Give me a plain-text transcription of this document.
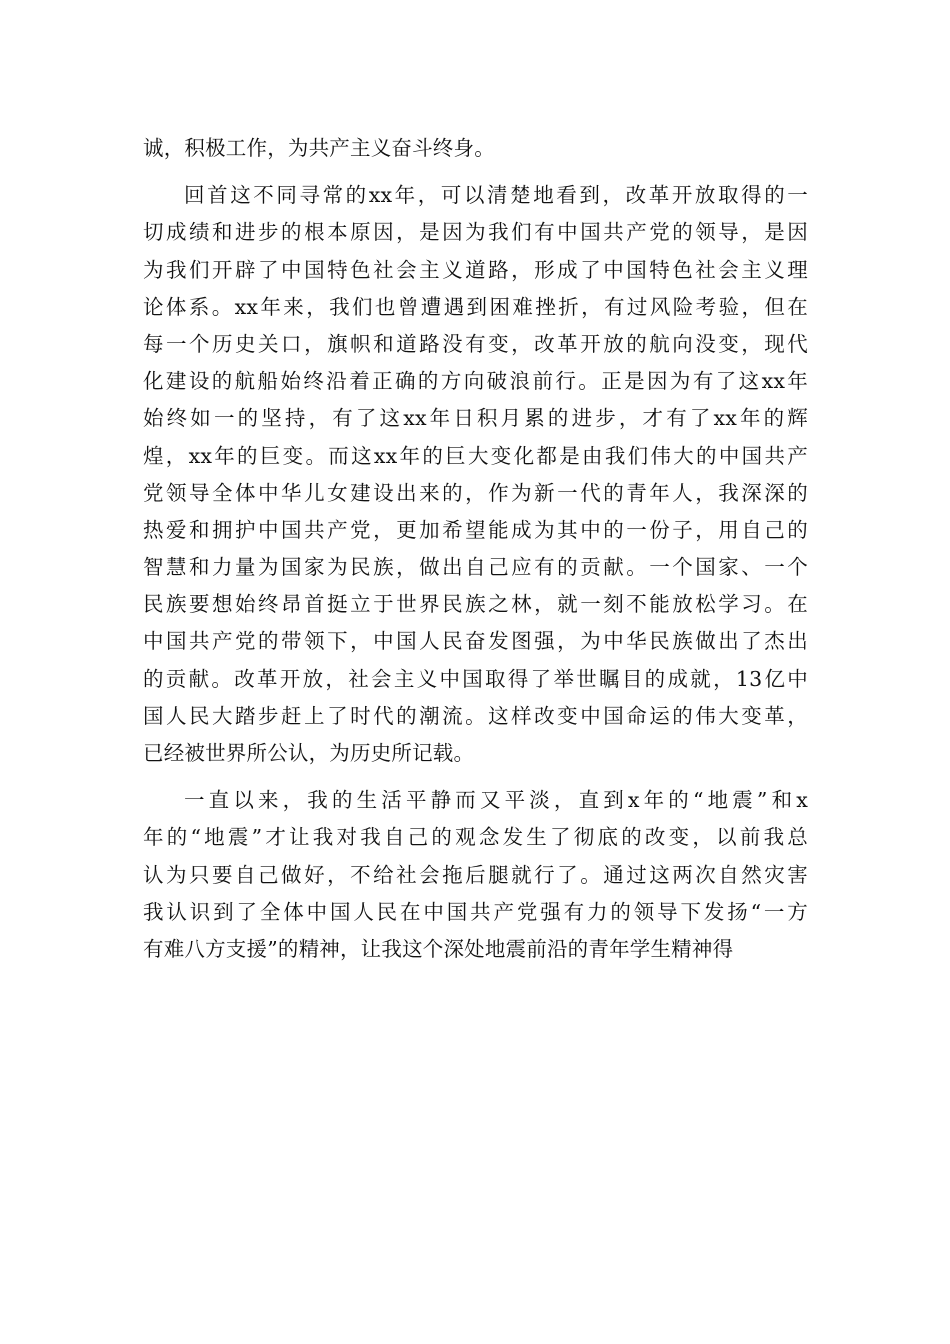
诚，积极工作，为共产主义奋斗终身。
回首这不同寻常的xx年，可以清楚地看到，改革开放取得的一
切成绩和进步的根本原因，是因为我们有中国共产党的领导，是因
为我们开辟了中国特色社会主义道路，形成了中国特色社会主义理
论体系。xx年来，我们也曾遭遇到困难挫折，有过风险考验，但在
每一个历史关口，旗帜和道路没有变，改革开放的航向没变，现代
化建设的航船始终沿着正确的方向破浪前行。正是因为有了这xx年
始终如一的坚持，有了这xx年日积月累的进步，才有了xx年的辉
煌，xx年的巨变。而这xx年的巨大变化都是由我们伟大的中国共产
党领导全体中华儿女建设出来的，作为新一代的青年人，我深深的
热爱和拥护中国共产党，更加希望能成为其中的一份子，用自己的
智慧和力量为国家为民族，做出自己应有的贡献。一个国家、一个
民族要想始终昂首挺立于世界民族之林，就一刻不能放松学习。在
中国共产党的带领下，中国人民奋发图强，为中华民族做出了杰出
的贡献。改革开放，社会主义中国取得了举世瞩目的成就，13亿中
国人民大踏步赶上了时代的潮流。这样改变中国命运的伟大变革，
已经被世界所公认，为历史所记载。
一直以来，我的生活平静而又平淡，直到x年的“地震”和x
年的“地震”才让我对我自己的观念发生了彻底的改变，以前我总
认为只要自己做好，不给社会拖后腿就行了。通过这两次自然灾害
我认识到了全体中国人民在中国共产党强有力的领导下发扬“一方
有难八方支援”的精神，让我这个深处地震前沿的青年学生精神得
